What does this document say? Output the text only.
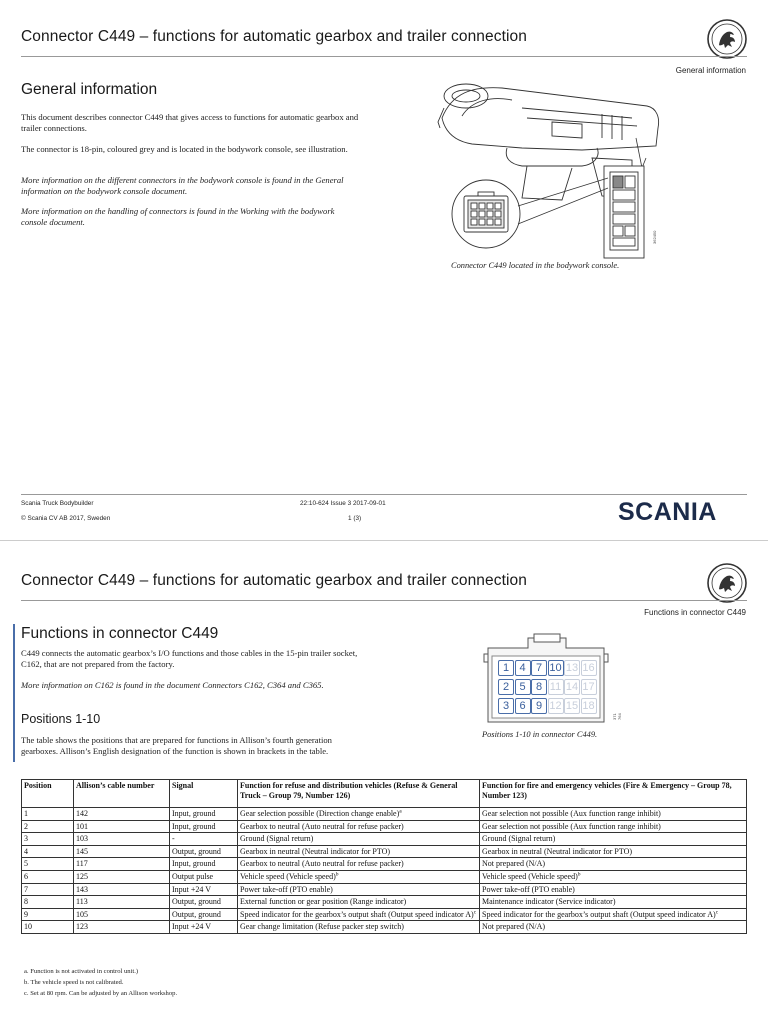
Connector C449 – functions for automatic gearbox and trailer connection
General information
General information
This document describes connector C449 that gives access to functions for automatic gearbox and trailer connections.
The connector is 18-pin, coloured grey and is located in the bodywork console, see illustration.
More information on the different connectors in the bodywork console is found in the General information on the bodywork console document.
More information on the handling of connectors is found in the Working with the bodywork console document.
362450
Connector C449 located in the bodywork console.
Scania Truck Bodybuilder
© Scania CV AB 2017, Sweden
22:10-624 Issue 3 2017-09-01
1 (3)	SCANIA
Connector C449 – functions for automatic gearbox and trailer connection
Functions in connector C449
Functions in connector C449
C449 connects the automatic gearbox’s I/O functions and those cables in the 15-pin trailer socket, C162, that are not prepared from the factory.
More information on C162 is found in the document Connectors C162, C364 and C365.
Positions 1-10
The table shows the positions that are prepared for functions in Allison’s fourth generation gearboxes. Allison’s English designation of the function is shown in brackets in the table.
1 4 7 10 13 16
2 5 8 11 14 17
3 6 9 12 15 18
371 764
Positions 1-10 in connector C449.
Position	Allison’s cable number	Signal	Function for refuse and distribution vehicles (Refuse & General Truck – Group 79, Number 126)	Function for fire and emergency vehicles (Fire & Emergency – Group 78, Number 123)
1	142	Input, ground	Gear selection possible (Direction change enable)$^a$	Gear selection not possible (Aux function range inhibit)
2	101	Input, ground	Gearbox to neutral (Auto neutral for refuse packer)	Gear selection not possible (Aux function range inhibit)
3	103	-	Ground (Signal return)	Ground (Signal return)
4	145	Output, ground	Gearbox in neutral (Neutral indicator for PTO)	Gearbox in neutral (Neutral indicator for PTO)
5	117	Input, ground	Gearbox to neutral (Auto neutral for refuse packer)	Not prepared (N/A)
6	125	Output pulse	Vehicle speed (Vehicle speed)$^b$	Vehicle speed (Vehicle speed)$^b$
7	143	Input +24 V	Power take-off (PTO enable)	Power take-off (PTO enable)
8	113	Output, ground	External function or gear position (Range indicator)	Maintenance indicator (Service indicator)
9	105	Output, ground	Speed indicator for the gearbox’s output shaft (Output speed indicator A)$^c$	Speed indicator for the gearbox’s output shaft (Output speed indicator A)$^c$
10	123	Input +24 V	Gear change limitation (Refuse packer step switch)	Not prepared (N/A)
a. Function is not activated in control unit.)
b. The vehicle speed is not calibrated.
c. Set at 80 rpm. Can be adjusted by an Allison workshop.
